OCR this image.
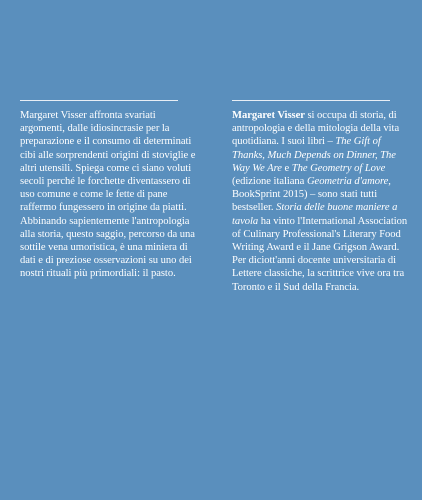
Margaret Visser affronta svariati argomenti, dalle idiosincrasie per la preparazione e il consumo di determinati cibi alle sorprendenti origini di stoviglie e altri utensili. Spiega come ci siano voluti secoli perché le forchette diventassero di uso comune e come le fette di pane raffermo fungessero in origine da piatti. Abbinando sapientemente l'antropologia alla storia, questo saggio, percorso da una sottile vena umoristica, è una miniera di dati e di preziose osservazioni su uno dei nostri rituali più primordiali: il pasto.
Margaret Visser si occupa di storia, di antropologia e della mitologia della vita quotidiana. I suoi libri – The Gift of Thanks, Much Depends on Dinner, The Way We Are e The Geometry of Love (edizione italiana Geometria d'amore, BookSprint 2015) – sono stati tutti bestseller. Storia delle buone maniere a tavola ha vinto l'International Association of Culinary Professional's Literary Food Writing Award e il Jane Grigson Award. Per diciott'anni docente universitaria di Lettere classiche, la scrittrice vive ora tra Toronto e il Sud della Francia.
